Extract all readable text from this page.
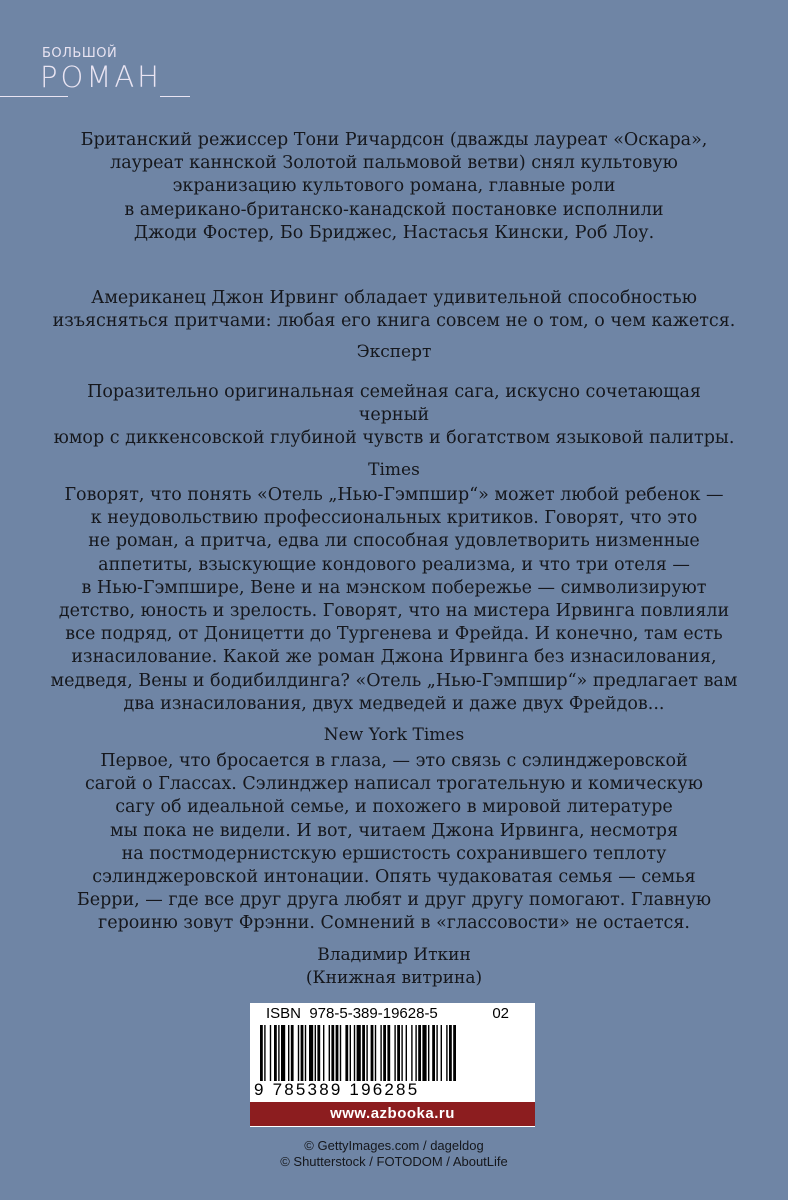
БОЛЬШОЙ
РОМАН

Британский режиссер Тони Ричардсон (дважды лауреат «Оскара»,

лауреат каннской Золотой пальмовой ветви) снял культовую

экранизацию культового романа, главные роли

в американо-британско-канадской постановке исполнили

Джоди Фостер, Бо Бриджес, Настасья Кински, Роб Лоу.

Американец Джон Ирвинг обладает удивительной способностью

изъясняться притчами: любая его книга совсем не о том, о чем кажется.

Эксперт

Поразительно оригинальная семейная сага, искусно сочетающая черный

юмор с диккенсовской глубиной чувств и богатством языковой палитры.

Times

Говорят, что понять «Отель „Нью-Гэмпшир“» может любой ребенок —

к неудовольствию профессиональных критиков. Говорят, что это

не роман, а притча, едва ли способная удовлетворить низменные

аппетиты, взыскующие кондового реализма, и что три отеля —

в Нью-Гэмпшире, Вене и на мэнском побережье — символизируют

детство, юность и зрелость. Говорят, что на мистера Ирвинга повлияли

все подряд, от Доницетти до Тургенева и Фрейда. И конечно, там есть

изнасилование. Какой же роман Джона Ирвинга без изнасилования,

медведя, Вены и бодибилдинга? «Отель „Нью-Гэмпшир“» предлагает вам

два изнасилования, двух медведей и даже двух Фрейдов...

New York Times

Первое, что бросается в глаза, — это связь с сэлинджеровской

сагой о Глассах. Сэлинджер написал трогательную и комическую

сагу об идеальной семье, и похожего в мировой литературе

мы пока не видели. И вот, читаем Джона Ирвинга, несмотря

на постмодернистскую ершистость сохранившего теплоту

сэлинджеровской интонации. Опять чудаковатая семья — семья

Берри, — где все друг друга любят и друг другу помогают. Главную

героиню зовут Фрэнни. Сомнений в «глассовости» не остается.

Владимир Иткин

(Книжная витрина)

ISBN  978-5-389-19628-5	02
9 785389 196285
www.azbooka.ru
© GettyImages.com / dageldog
© Shutterstock / FOTODOM / AboutLife
